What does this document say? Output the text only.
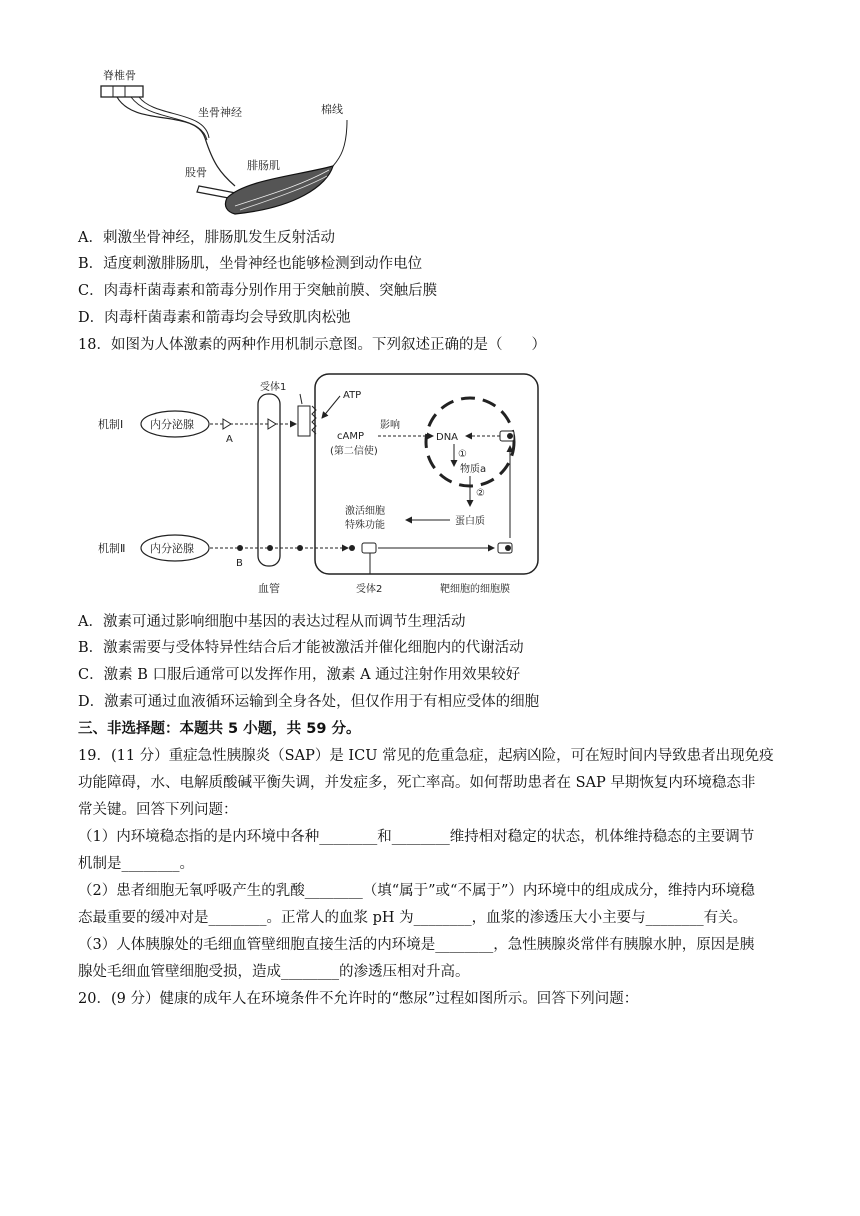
脊椎骨
坐骨神经	棉线
腓肠肌
股骨
A．刺激坐骨神经，腓肠肌发生反射活动
B．适度刺激腓肠肌，坐骨神经也能够检测到动作电位
C．肉毒杆菌毒素和箭毒分别作用于突触前膜、突触后膜
D．肉毒杆菌毒素和箭毒均会导致肌肉松弛
18．如图为人体激素的两种作用机制示意图。下列叙述正确的是（　　）
血管
机制Ⅰ 内分泌腺
A
受体1
ATP
cAMP
(第二信使)
影响
DNA
①
物质a
②
蛋白质
激活细胞
特殊功能
机制Ⅱ 内分泌腺
B
受体2	靶细胞的细胞膜
A．激素可通过影响细胞中基因的表达过程从而调节生理活动
B．激素需要与受体特异性结合后才能被激活并催化细胞内的代谢活动
C．激素 B 口服后通常可以发挥作用，激素 A 通过注射作用效果较好
D．激素可通过血液循环运输到全身各处，但仅作用于有相应受体的细胞
三、非选择题：本题共 5 小题，共 59 分。
19．(11 分）重症急性胰腺炎（SAP）是 ICU 常见的危重急症，起病凶险，可在短时间内导致患者出现免疫
功能障碍，水、电解质酸碱平衡失调，并发症多，死亡率高。如何帮助患者在 SAP 早期恢复内环境稳态非
常关键。回答下列问题：
（1）内环境稳态指的是内环境中各种________和________维持相对稳定的状态，机体维持稳态的主要调节
机制是________。
（2）患者细胞无氧呼吸产生的乳酸________（填“属于”或“不属于”）内环境中的组成成分，维持内环境稳
态最重要的缓冲对是________。正常人的血浆 pH 为________，血浆的渗透压大小主要与________有关。
（3）人体胰腺处的毛细血管壁细胞直接生活的内环境是________，急性胰腺炎常伴有胰腺水肿，原因是胰
腺处毛细血管壁细胞受损，造成________的渗透压相对升高。
20．(9 分）健康的成年人在环境条件不允许时的“憋尿”过程如图所示。回答下列问题：
